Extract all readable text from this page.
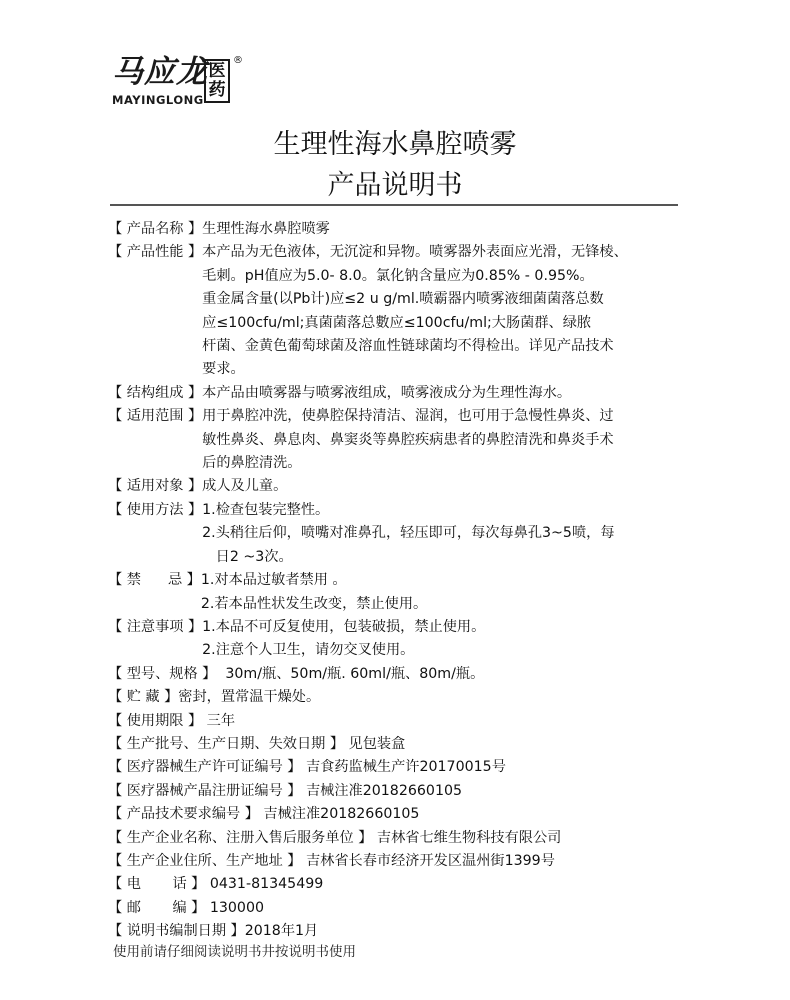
马应龙 医药
®
MAYINGLONG
生理性海水鼻腔喷雾
产品说明书
【 产品名称 】 生理性海水鼻腔喷雾
【 产品性能 】 本产品为无色液体，无沉淀和异物。喷雾器外表面应光滑，无锋棱、
毛刺。pH值应为5.0- 8.0。氯化钠含量应为0.85% - 0.95%。
重金属含量(以Pb计)应≤2 u g/ml.喷霸器内喷雾液细菌菌落总数
应≤100cfu/ml;真菌菌落总數应≤100cfu/ml;大肠菌群、绿脓
杆菌、金黄色葡萄球菌及溶血性链球菌均不得检出。详见产品技术
要求。
【 结构组成 】 本产品由喷雾器与喷雾液组成，喷雾液成分为生理性海水。
【 适用范围 】 用于鼻腔冲洗，使鼻腔保持清洁、湿润，也可用于急慢性鼻炎、过
敏性鼻炎、鼻息肉、鼻窦炎等鼻腔疾病患者的鼻腔清洗和鼻炎手术
后的鼻腔清洗。
【 适用对象 】 成人及儿童。
【 使用方法 】 1.检查包装完整性。
2.头稍往后仰，喷嘴对准鼻孔，轻压即可，每次每鼻孔3~5喷，每
日2 ~3次。
【 禁      忌 】 1.对本品过敏者禁用 。
2.若本品性状发生改变，禁止使用。
【 注意事项 】 1.本品不可反复使用，包装破损，禁止使用。
2.注意个人卫生，请勿交叉使用。
【 型号、规格 】 30m/瓶、50m/瓶. 60ml/瓶、80m/瓶。
【 贮 藏 】 密封，置常温干燥处。
【 使用期限 】 三年
【 生产批号、生产日期、失效日期 】 见包装盒
【 医疗器械生产许可证编号 】 吉食药监械生产许20170015号
【 医疗器械产晶注册证编号 】 吉械注准20182660105
【 产品技术要求编号 】 吉械注准20182660105
【 生产企业名称、注册入售后服务单位 】 吉林省七维生物科技有限公司
【 生产企业住所、生产地址 】 吉林省长春市经济开发区温州街1399号
【 电       话 】 0431-81345499
【 邮       编 】 130000
【 说明书编制日期 】 2018年1月
使用前请仔细阅读说明书井按说明书使用
